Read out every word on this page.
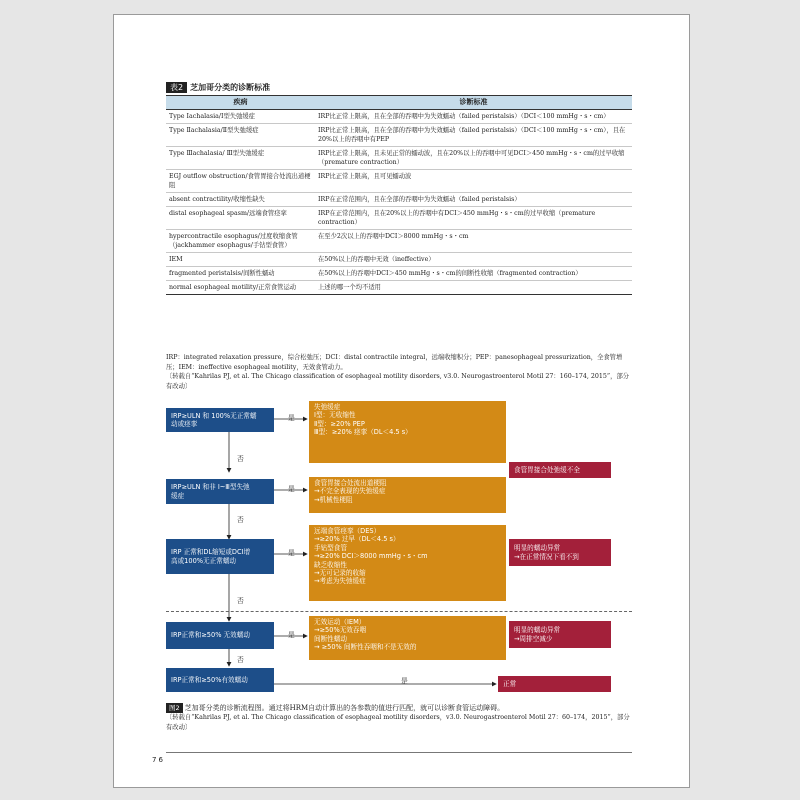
表2 芝加哥分类的诊断标准
疾病	诊断标准
Type Ⅰachalasia/Ⅰ型失弛缓症	IRP比正常上限高，且在全部的吞咽中为失效蠕动（failed peristalsis）（DCI＜100 mmHg・s・cm）
Type Ⅱachalasia/Ⅱ型失弛缓症	IRP比正常上限高，且在全部的吞咽中为失效蠕动（failed peristalsis）（DCI＜100 mmHg・s・cm），且在20%以上的吞咽中有PEP
Type Ⅲachalasia/ Ⅲ型失弛缓症	IRP比正常上限高，且未见正常的蠕动波，且在20%以上的吞咽中可见DCI＞450 mmHg・s・cm的过早收缩（premature contraction）
EGJ outflow obstruction/食管胃接合处流出道梗阻	IRP比正常上限高，且可见蠕动波
absent contractility/收缩性缺失	IRP在正常范围内，且在全部的吞咽中为失效蠕动（failed peristalsis）
distal esophageal spasm/远端食管痉挛	IRP在正常范围内，且在20%以上的吞咽中有DCI＞450 mmHg・s・cm的过早收缩（premature contraction）
hypercontractile esophagus/过度收缩食管（jackhammer esophagus/手钻型食管）	在至少2次以上的吞咽中DCI＞8000 mmHg・s・cm
IEM	在50%以上的吞咽中无效（ineffective）
fragmented peristalsis/间断性蠕动	在50%以上的吞咽中DCI＞450 mmHg・s・cm的间断性收缩（fragmented contraction）
normal esophageal motility/正常食管运动	上述的哪一个均不适用

IRP：integrated relaxation pressure，综合松弛压；DCI：distal contractile integral，远端收缩积分；PEP：panesophageal pressurization，全食管增压；IEM：ineffective esophageal motility，无效食管动力。

〔转载自“Kahrilas PJ, et al. The Chicago classification of esophageal motility disorders, v3.0. Neurogastroenterol Motil 27：160–174, 2015”，部分有改动〕

是
是
是
是
是
否
否
否
否
IRP≥ULN 和 100%无正常蠕
动或痉挛
IRP≥ULN 和非 Ⅰ~Ⅲ型失弛
缓症
IRP 正常和DL缩短或DCI增
高或100%无正常蠕动
IRP正常和≥50% 无效蠕动
IRP正常和≥50%有效蠕动
失弛缓症
Ⅰ型：无收缩性
Ⅱ型：≥20% PEP
Ⅲ型：≥20% 痉挛（DL＜4.5 s）
食管胃接合处流出道梗阻
→不完全表现的失弛缓症
→机械性梗阻
远端食管痉挛（DES）
→≥20% 过早（DL＜4.5 s）
手钻型食管
→≥20% DCI＞8000 mmHg・s・cm
缺乏收缩性
→无可记录的收缩
→考虑为失弛缓症
无效运动（IEM）
→≥50%无效吞咽
间断性蠕动
→ ≥50% 间断性吞咽和不是无效的
食管胃接合处弛缓不全
明显的蠕动异常
→在正常情况下看不到
明显的蠕动异常
→周排空减少
正常
图2 芝加哥分类的诊断流程图。通过将HRM自动计算出的各参数的值进行匹配，就可以诊断食管运动障碍。

〔转载自“Kahrilas PJ, et al. The Chicago classification of esophageal motility disorders，v3.0. Neurogastroenterol Motil 27：60–174，2015”，部分有改动〕

76
